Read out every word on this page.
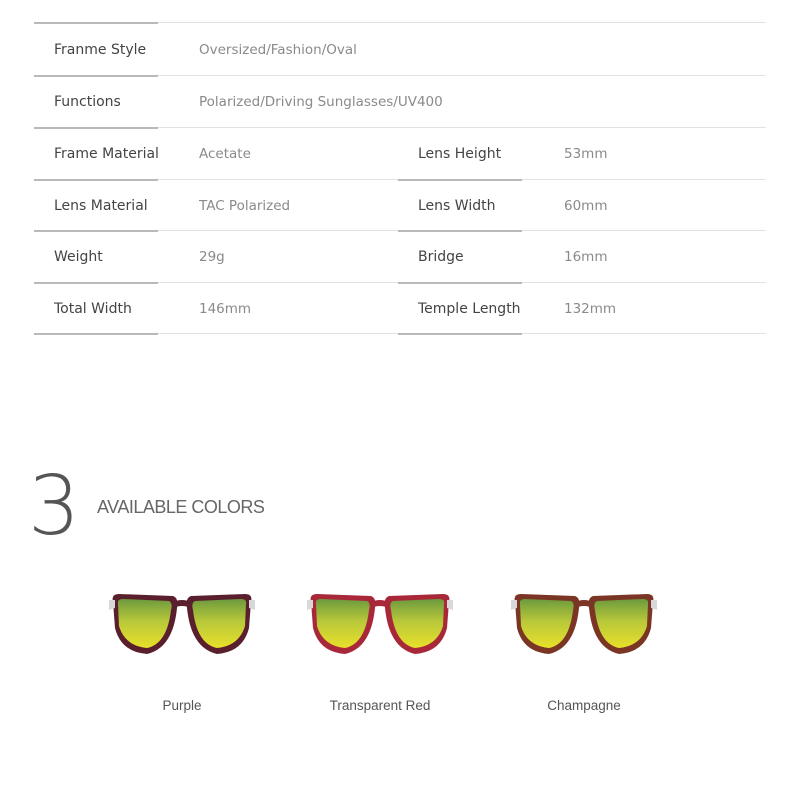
Franme Style	Oversized/Fashion/Oval
Functions	Polarized/Driving Sunglasses/UV400
Frame Material	Acetate	Lens Height	53mm
Lens Material	TAC Polarized	Lens Width	60mm
Weight	29g	Bridge	16mm
Total Width	146mm	Temple Length	132mm
3 AVAILABLE COLORS
Purple	Transparent Red	Champagne
